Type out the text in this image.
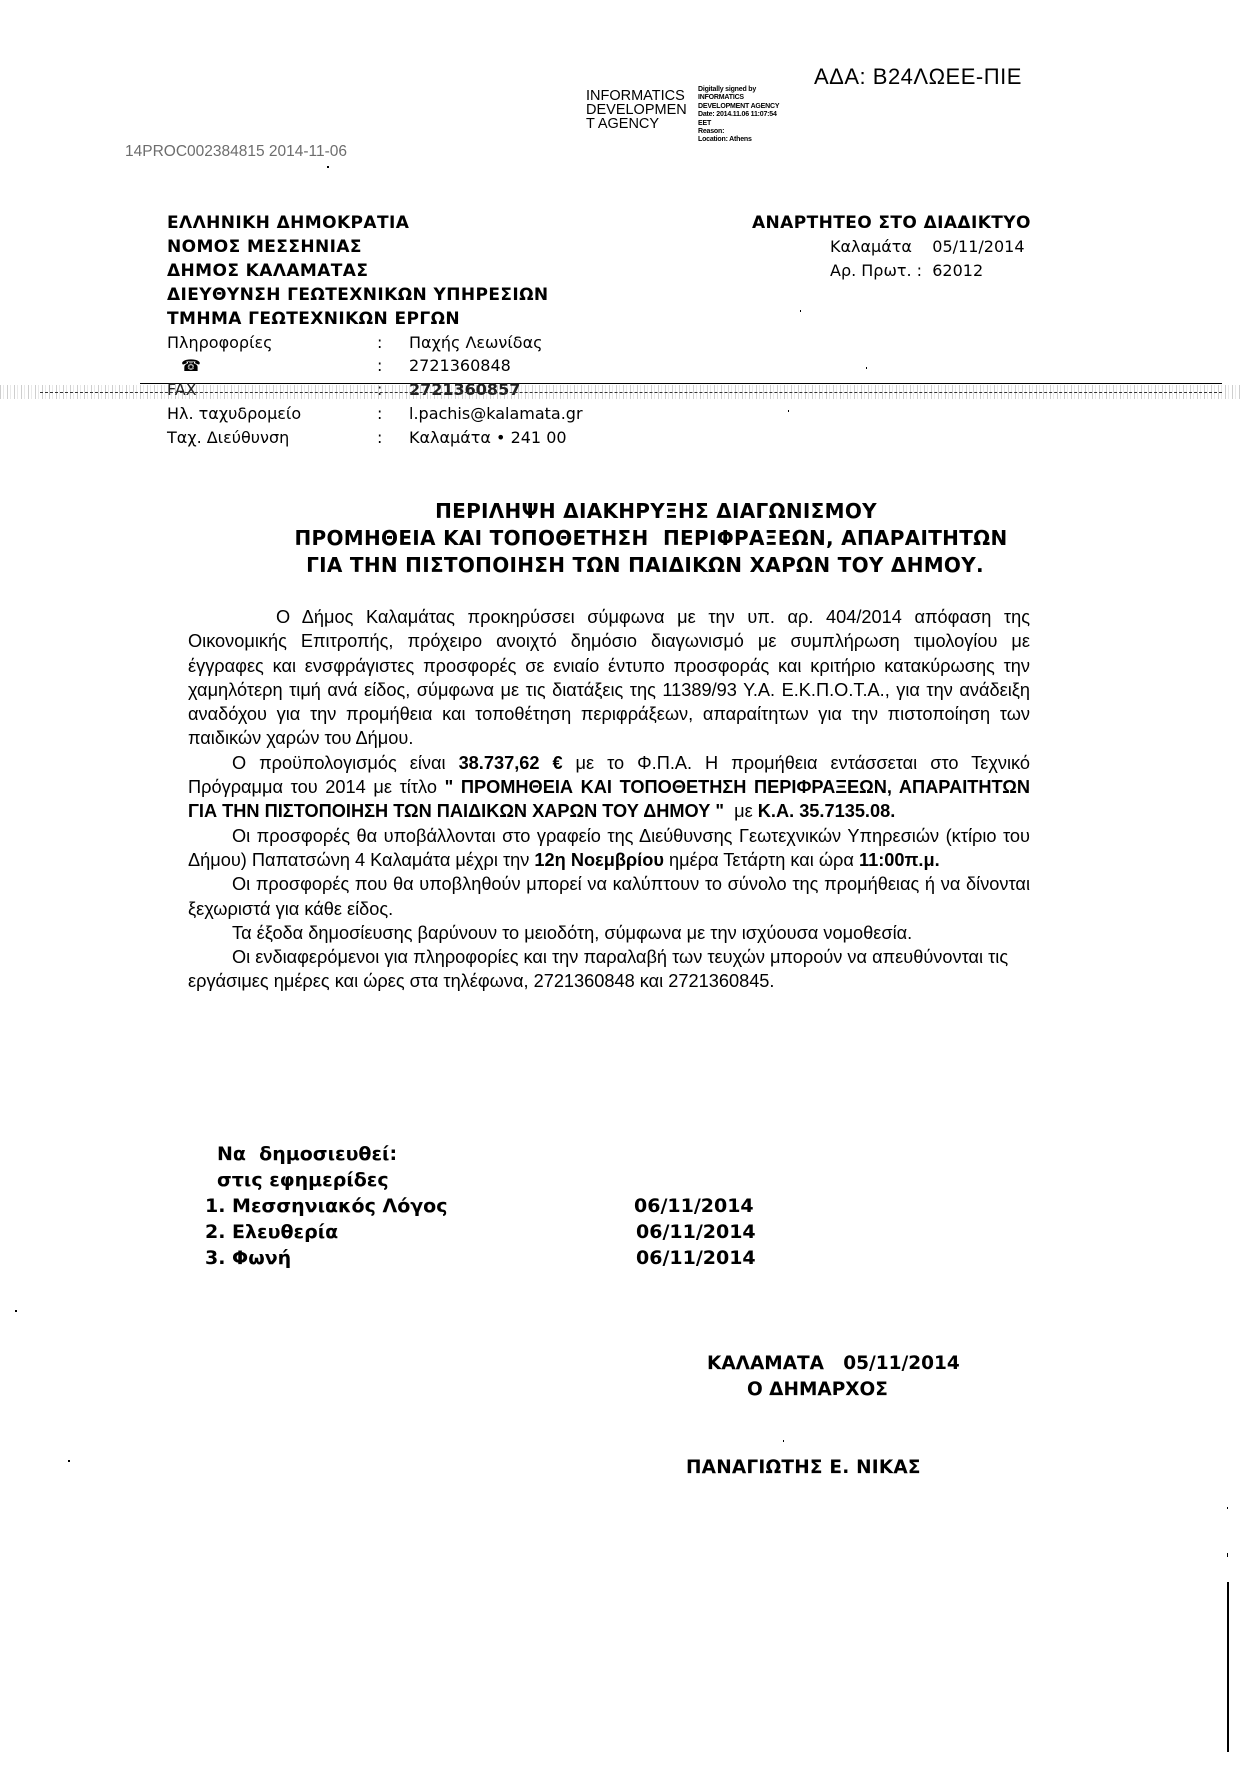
ΑΔΑ: Β24ΛΩΕΕ-ΠΙΕ
INFORMATICS
DEVELOPMEN
T AGENCY
Digitally signed by
INFORMATICS
DEVELOPMENT AGENCY
Date: 2014.11.06 11:07:54
EET
Reason:
Location: Athens
14PROC002384815 2014-11-06
ΕΛΛΗΝΙΚΗ ΔΗΜΟΚΡΑΤΙΑ
ΝΟΜΟΣ ΜΕΣΣΗΝΙΑΣ
ΔΗΜΟΣ ΚΑΛΑΜΑΤΑΣ
ΔΙΕΥΘΥΝΣΗ ΓΕΩΤΕΧΝΙΚΩΝ ΥΠΗΡΕΣΙΩΝ
ΤΜΗΜΑ ΓΕΩΤΕΧΝΙΚΩΝ ΕΡΓΩΝ
ΑΝΑΡΤΗΤΕΟ ΣΤΟ ΔΙΑΔΙΚΤΥΟ
Καλαμάτα    05/11/2014
Αρ. Πρωτ. :  62012
Πληροφορίες	: Παχής Λεωνίδας
☎	: 2721360848
FAX	: 2721360857
Ηλ. ταχυδρομείο	: l.pachis@kalamata.gr
Ταχ. Διεύθυνση	: Καλαμάτα • 241 00
ΠΕΡΙΛΗΨΗ ΔΙΑΚΗΡΥΞΗΣ ΔΙΑΓΩΝΙΣΜΟΥ
ΠΡΟΜΗΘΕΙΑ ΚΑΙ ΤΟΠΟΘΕΤΗΣΗ  ΠΕΡΙΦΡΑΞΕΩΝ, ΑΠΑΡΑΙΤΗΤΩΝ
ΓΙΑ ΤΗΝ ΠΙΣΤΟΠΟΙΗΣΗ ΤΩΝ ΠΑΙΔΙΚΩΝ ΧΑΡΩΝ ΤΟΥ ΔΗΜΟΥ.

Ο Δήμος Καλαμάτας προκηρύσσει σύμφωνα με την υπ. αρ. 404/2014 απόφαση της Οικονομικής Επιτροπής, πρόχειρο ανοιχτό δημόσιο διαγωνισμό με συμπλήρωση τιμολογίου με έγγραφες και ενσφράγιστες προσφορές σε ενιαίο έντυπο προσφοράς και κριτήριο κατακύρωσης την χαμηλότερη τιμή ανά είδος, σύμφωνα με τις διατάξεις της 11389/93 Υ.Α. Ε.Κ.Π.Ο.Τ.Α., για την ανάδειξη αναδόχου για την προμήθεια και τοποθέτηση περιφράξεων, απαραίτητων για την πιστοποίηση των παιδικών χαρών του Δήμου.

Ο προϋπολογισμός είναι 38.737,62 € με το Φ.Π.Α. Η προμήθεια εντάσσεται στο Τεχνικό Πρόγραμμα του 2014 με τίτλο " ΠΡΟΜΗΘΕΙΑ ΚΑΙ ΤΟΠΟΘΕΤΗΣΗ ΠΕΡΙΦΡΑΞΕΩΝ, ΑΠΑΡΑΙΤΗΤΩΝ ΓΙΑ ΤΗΝ ΠΙΣΤΟΠΟΙΗΣΗ ΤΩΝ ΠΑΙΔΙΚΩΝ ΧΑΡΩΝ ΤΟΥ ΔΗΜΟΥ "  με Κ.Α. 35.7135.08.

Οι προσφορές θα υποβάλλονται στο γραφείο της Διεύθυνσης Γεωτεχνικών Υπηρεσιών (κτίριο του Δήμου) Παπατσώνη 4 Καλαμάτα μέχρι την 12η Νοεμβρίου ημέρα Τετάρτη και ώρα 11:00π.μ.

Οι προσφορές που θα υποβληθούν μπορεί να καλύπτουν το σύνολο της προμήθειας ή να δίνονται ξεχωριστά για κάθε είδος.

Τα έξοδα δημοσίευσης βαρύνουν το μειοδότη, σύμφωνα με την ισχύουσα νομοθεσία.

Οι ενδιαφερόμενοι για πληροφορίες και την παραλαβή των τευχών μπορούν να απευθύνονται τις εργάσιμες ημέρες και ώρες στα τηλέφωνα, 2721360848 και 2721360845.

Να  δημοσιευθεί:
στις εφημερίδες
1. Μεσσηνιακός Λόγος	06/11/2014
2. Ελευθερία	06/11/2014
3. Φωνή	06/11/2014
ΚΑΛΑΜΑΤΑ   05/11/2014
Ο ΔΗΜΑΡΧΟΣ
ΠΑΝΑΓΙΩΤΗΣ Ε. ΝΙΚΑΣ
